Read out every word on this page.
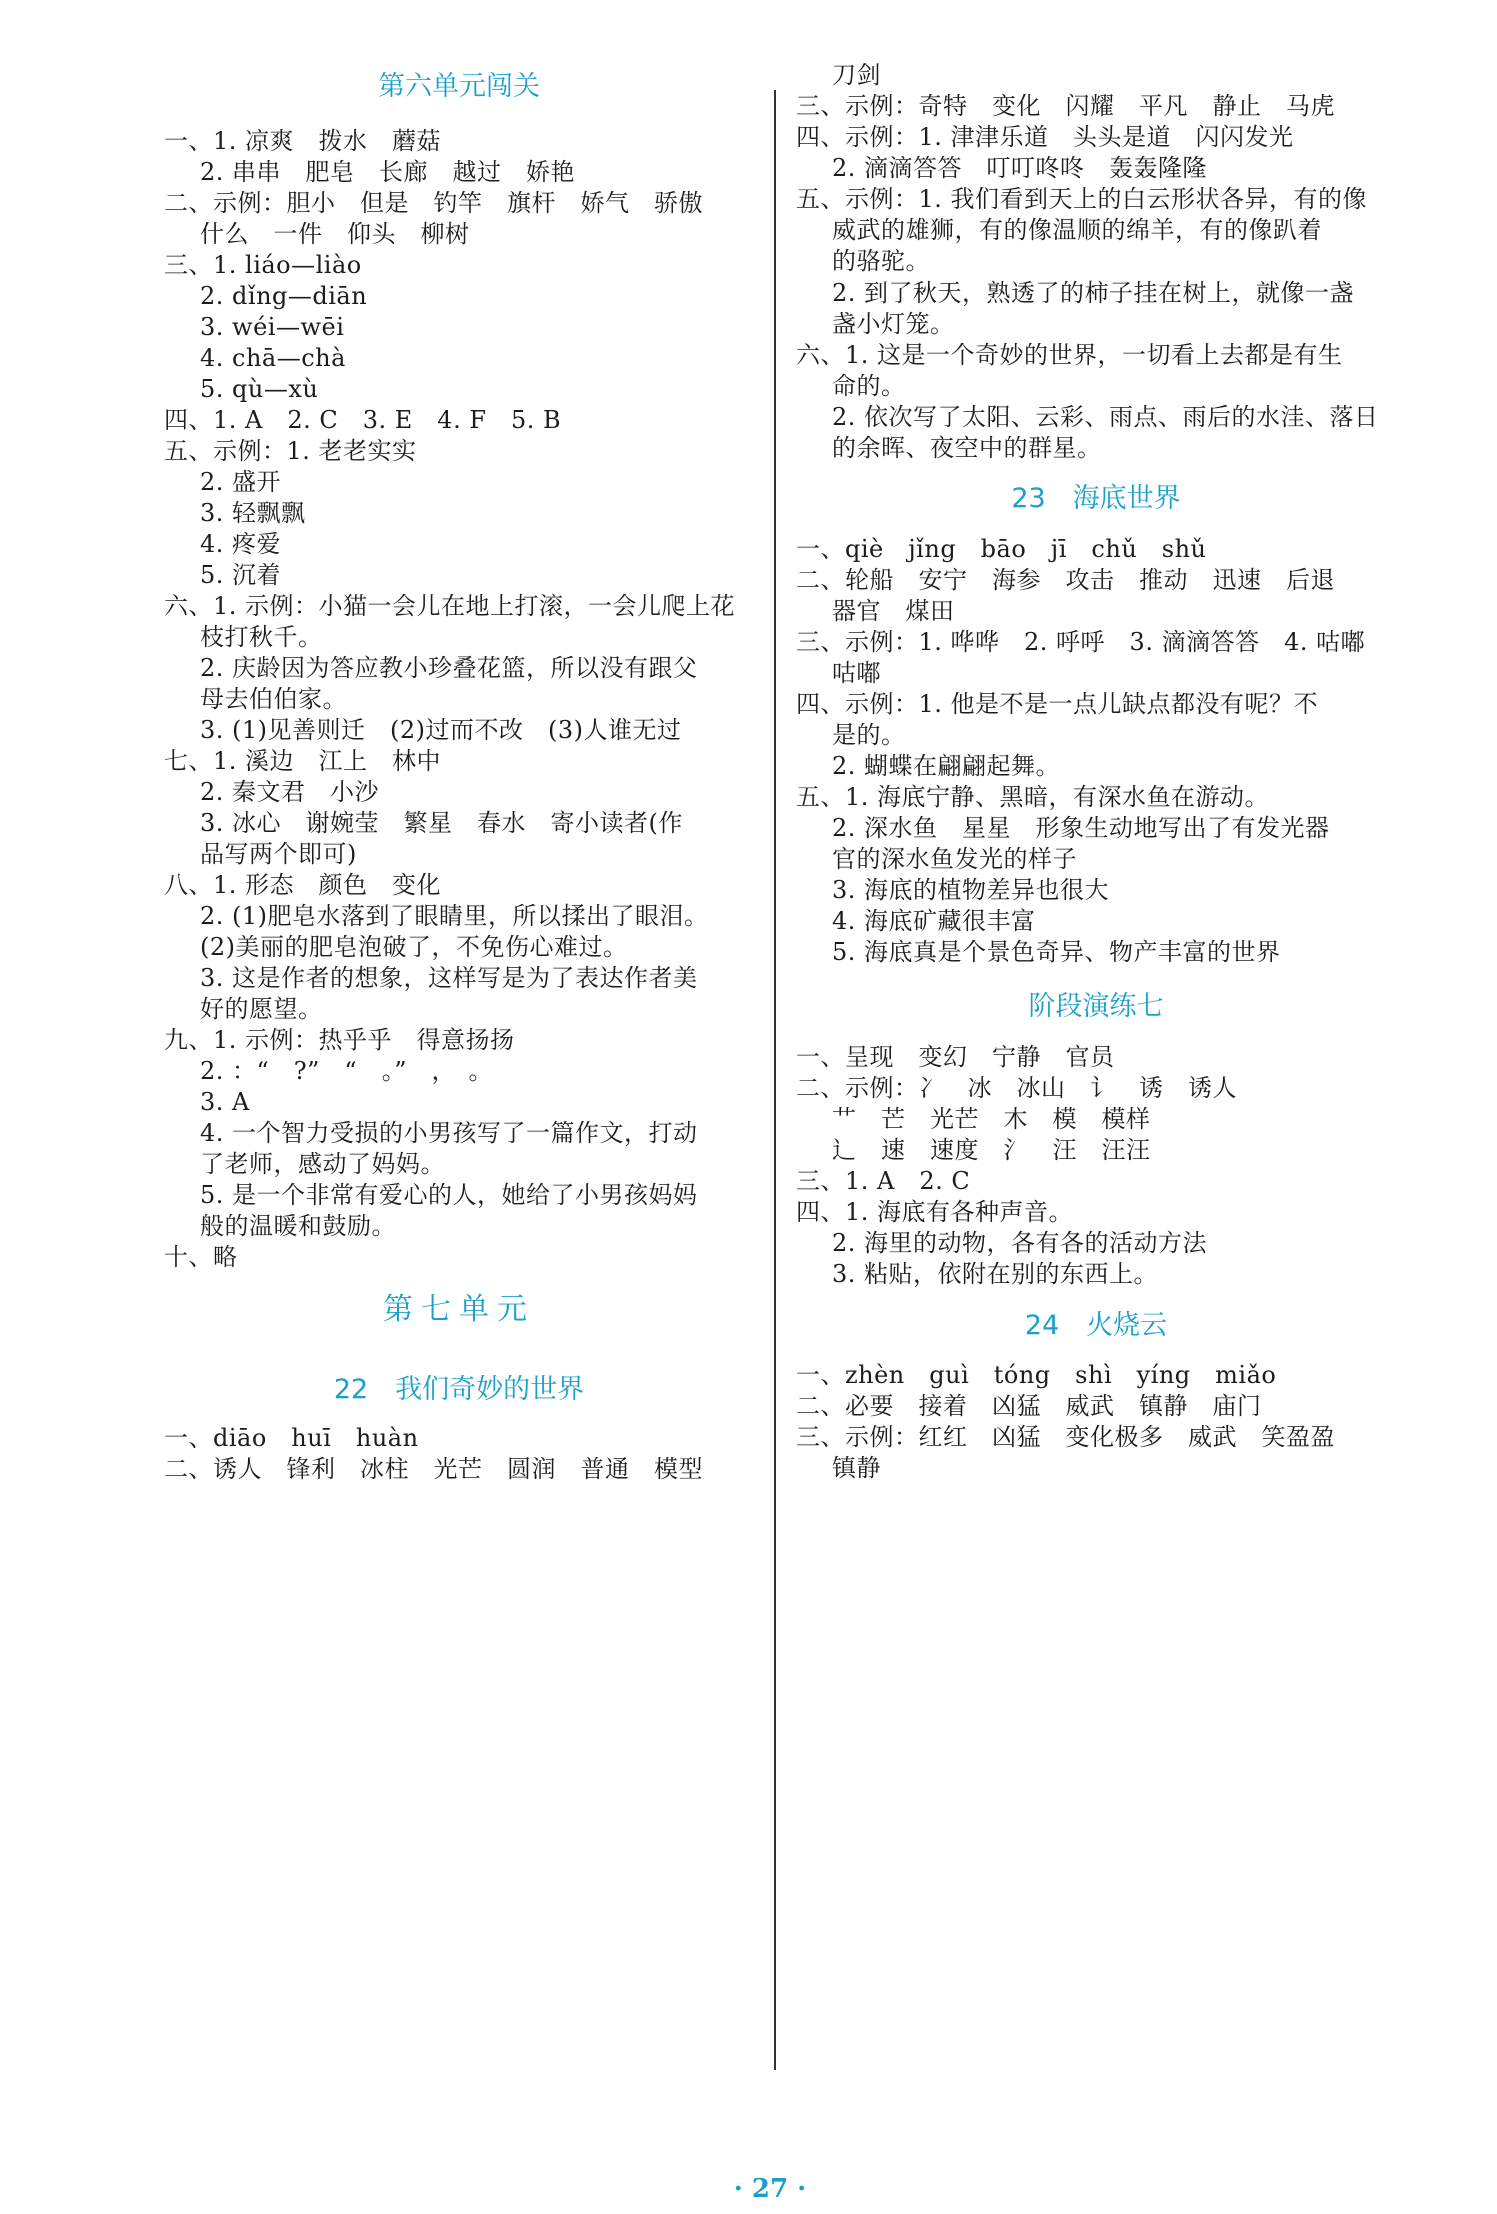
第六单元闯关
一、1. 凉爽　拨水　蘑菇
2. 串串　肥皂　长廊　越过　娇艳
二、示例：胆小　但是　钓竿　旗杆　娇气　骄傲
什么　一件　仰头　柳树
三、1. liáo—liào
2. dǐng—diān
3. wéi—wēi
4. chā—chà
5. qù—xù
四、1. A　2. C　3. E　4. F　5. B
五、示例：1. 老老实实
2. 盛开
3. 轻飘飘
4. 疼爱
5. 沉着
六、1. 示例：小猫一会儿在地上打滚，一会儿爬上花
枝打秋千。
2. 庆龄因为答应教小珍叠花篮，所以没有跟父
母去伯伯家。
3. (1)见善则迁　(2)过而不改　(3)人谁无过
七、1. 溪边　江上　林中
2. 秦文君　小沙
3. 冰心　谢婉莹　繁星　春水　寄小读者(作
品写两个即可)
八、1. 形态　颜色　变化
2. (1)肥皂水落到了眼睛里，所以揉出了眼泪。
(2)美丽的肥皂泡破了，不免伤心难过。
3. 这是作者的想象，这样写是为了表达作者美
好的愿望。
九、1. 示例：热乎乎　得意扬扬
2. ：“　?”　“　。”　，　。
3. A
4. 一个智力受损的小男孩写了一篇作文，打动
了老师，感动了妈妈。
5. 是一个非常有爱心的人，她给了小男孩妈妈
般的温暖和鼓励。
十、略
第七单元
22　我们奇妙的世界
一、diāo　huī　huàn
二、诱人　锋利　冰柱　光芒　圆润　普通　模型
刀剑
三、示例：奇特　变化　闪耀　平凡　静止　马虎
四、示例：1. 津津乐道　头头是道　闪闪发光
2. 滴滴答答　叮叮咚咚　轰轰隆隆
五、示例：1. 我们看到天上的白云形状各异，有的像
威武的雄狮，有的像温顺的绵羊，有的像趴着
的骆驼。
2. 到了秋天，熟透了的柿子挂在树上，就像一盏
盏小灯笼。
六、1. 这是一个奇妙的世界，一切看上去都是有生
命的。
2. 依次写了太阳、云彩、雨点、雨后的水洼、落日
的余晖、夜空中的群星。
23　海底世界
一、qiè　jǐng　bāo　jī　chǔ　shǔ
二、轮船　安宁　海参　攻击　推动　迅速　后退
器官　煤田
三、示例：1. 哗哗　2. 呼呼　3. 滴滴答答　4. 咕嘟
咕嘟
四、示例：1. 他是不是一点儿缺点都没有呢？不
是的。
2. 蝴蝶在翩翩起舞。
五、1. 海底宁静、黑暗，有深水鱼在游动。
2. 深水鱼　星星　形象生动地写出了有发光器
官的深水鱼发光的样子
3. 海底的植物差异也很大
4. 海底矿藏很丰富
5. 海底真是个景色奇异、物产丰富的世界
阶段演练七
一、呈现　变幻　宁静　官员
二、示例：冫　冰　冰山　讠　诱　诱人
艹　芒　光芒　木　模　模样
辶　速　速度　氵　汪　汪汪
三、1. A　2. C
四、1. 海底有各种声音。
2. 海里的动物，各有各的活动方法
3. 粘贴，依附在别的东西上。
24　火烧云
一、zhèn　guì　tóng　shì　yíng　miǎo
二、必要　接着　凶猛　威武　镇静　庙门
三、示例：红红　凶猛　变化极多　威武　笑盈盈
镇静
· 27 ·
